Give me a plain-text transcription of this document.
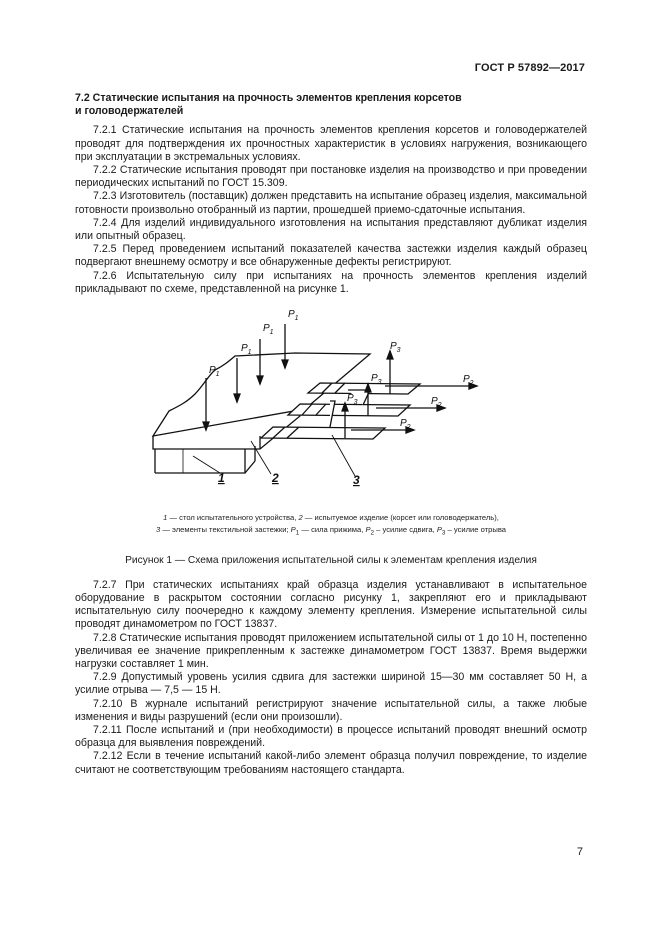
ГОСТ Р 57892—2017
7.2 Статические испытания на прочность элементов крепления корсетов
и головодержателей

7.2.1 Статические испытания на прочность элементов крепления корсетов и головодержателей проводят для подтверждения их прочностных характеристик в условиях нагружения, возникающего при эксплуатации в экстремальных условиях.

7.2.2 Статические испытания проводят при постановке изделия на производство и при проведении периодических испытаний по ГОСТ 15.309.

7.2.3 Изготовитель (поставщик) должен представить на испытание образец изделия, максимальной готовности произвольно отобранный из партии, прошедшей приемо-сдаточные испытания.

7.2.4 Для изделий индивидуального изготовления на испытания представляют дубликат изделия или опытный образец.

7.2.5 Перед проведением испытаний показателей качества застежки изделия каждый образец подвергают внешнему осмотру и все обнаруженные дефекты регистрируют.

7.2.6 Испытательную силу при испытаниях на прочность элементов крепления изделий прикладывают по схеме, представленной на рисунке 1.

$P_1$
$P_1$
$P_1$
$P_1$
$P_3$
$P_3$
$P_3$
$P_2$
$P_2$
$P_2$
1	2	3
1 — стол испытательного устройства, 2 — испытуемое изделие (корсет или головодержатель),
3 — элементы текстильной застежки; $P_1$ — сила прижима, $P_2$ – усилие сдвига, $P_3$ – усилие отрыва
Рисунок 1 — Схема приложения испытательной силы к элементам крепления изделия

7.2.7 При статических испытаниях край образца изделия устанавливают в испытательное оборудование в раскрытом состоянии согласно рисунку 1, закрепляют его и прикладывают испытательную силу поочередно к каждому элементу крепления. Измерение испытательной силы проводят динамометром по ГОСТ 13837.

7.2.8 Статические испытания проводят приложением испытательной силы от 1 до 10 Н, постепенно увеличивая ее значение прикрепленным к застежке динамометром ГОСТ 13837. Время выдержки нагрузки составляет 1 мин.

7.2.9 Допустимый уровень усилия сдвига для застежки шириной 15—30 мм составляет 50 Н, а усилие отрыва — 7,5 — 15 Н.

7.2.10 В журнале испытаний регистрируют значение испытательной силы, а также любые изменения и виды разрушений (если они произошли).

7.2.11 После испытаний и (при необходимости) в процессе испытаний проводят внешний осмотр образца для выявления повреждений.

7.2.12 Если в течение испытаний какой-либо элемент образца получил повреждение, то изделие считают не соответствующим требованиям настоящего стандарта.

7
